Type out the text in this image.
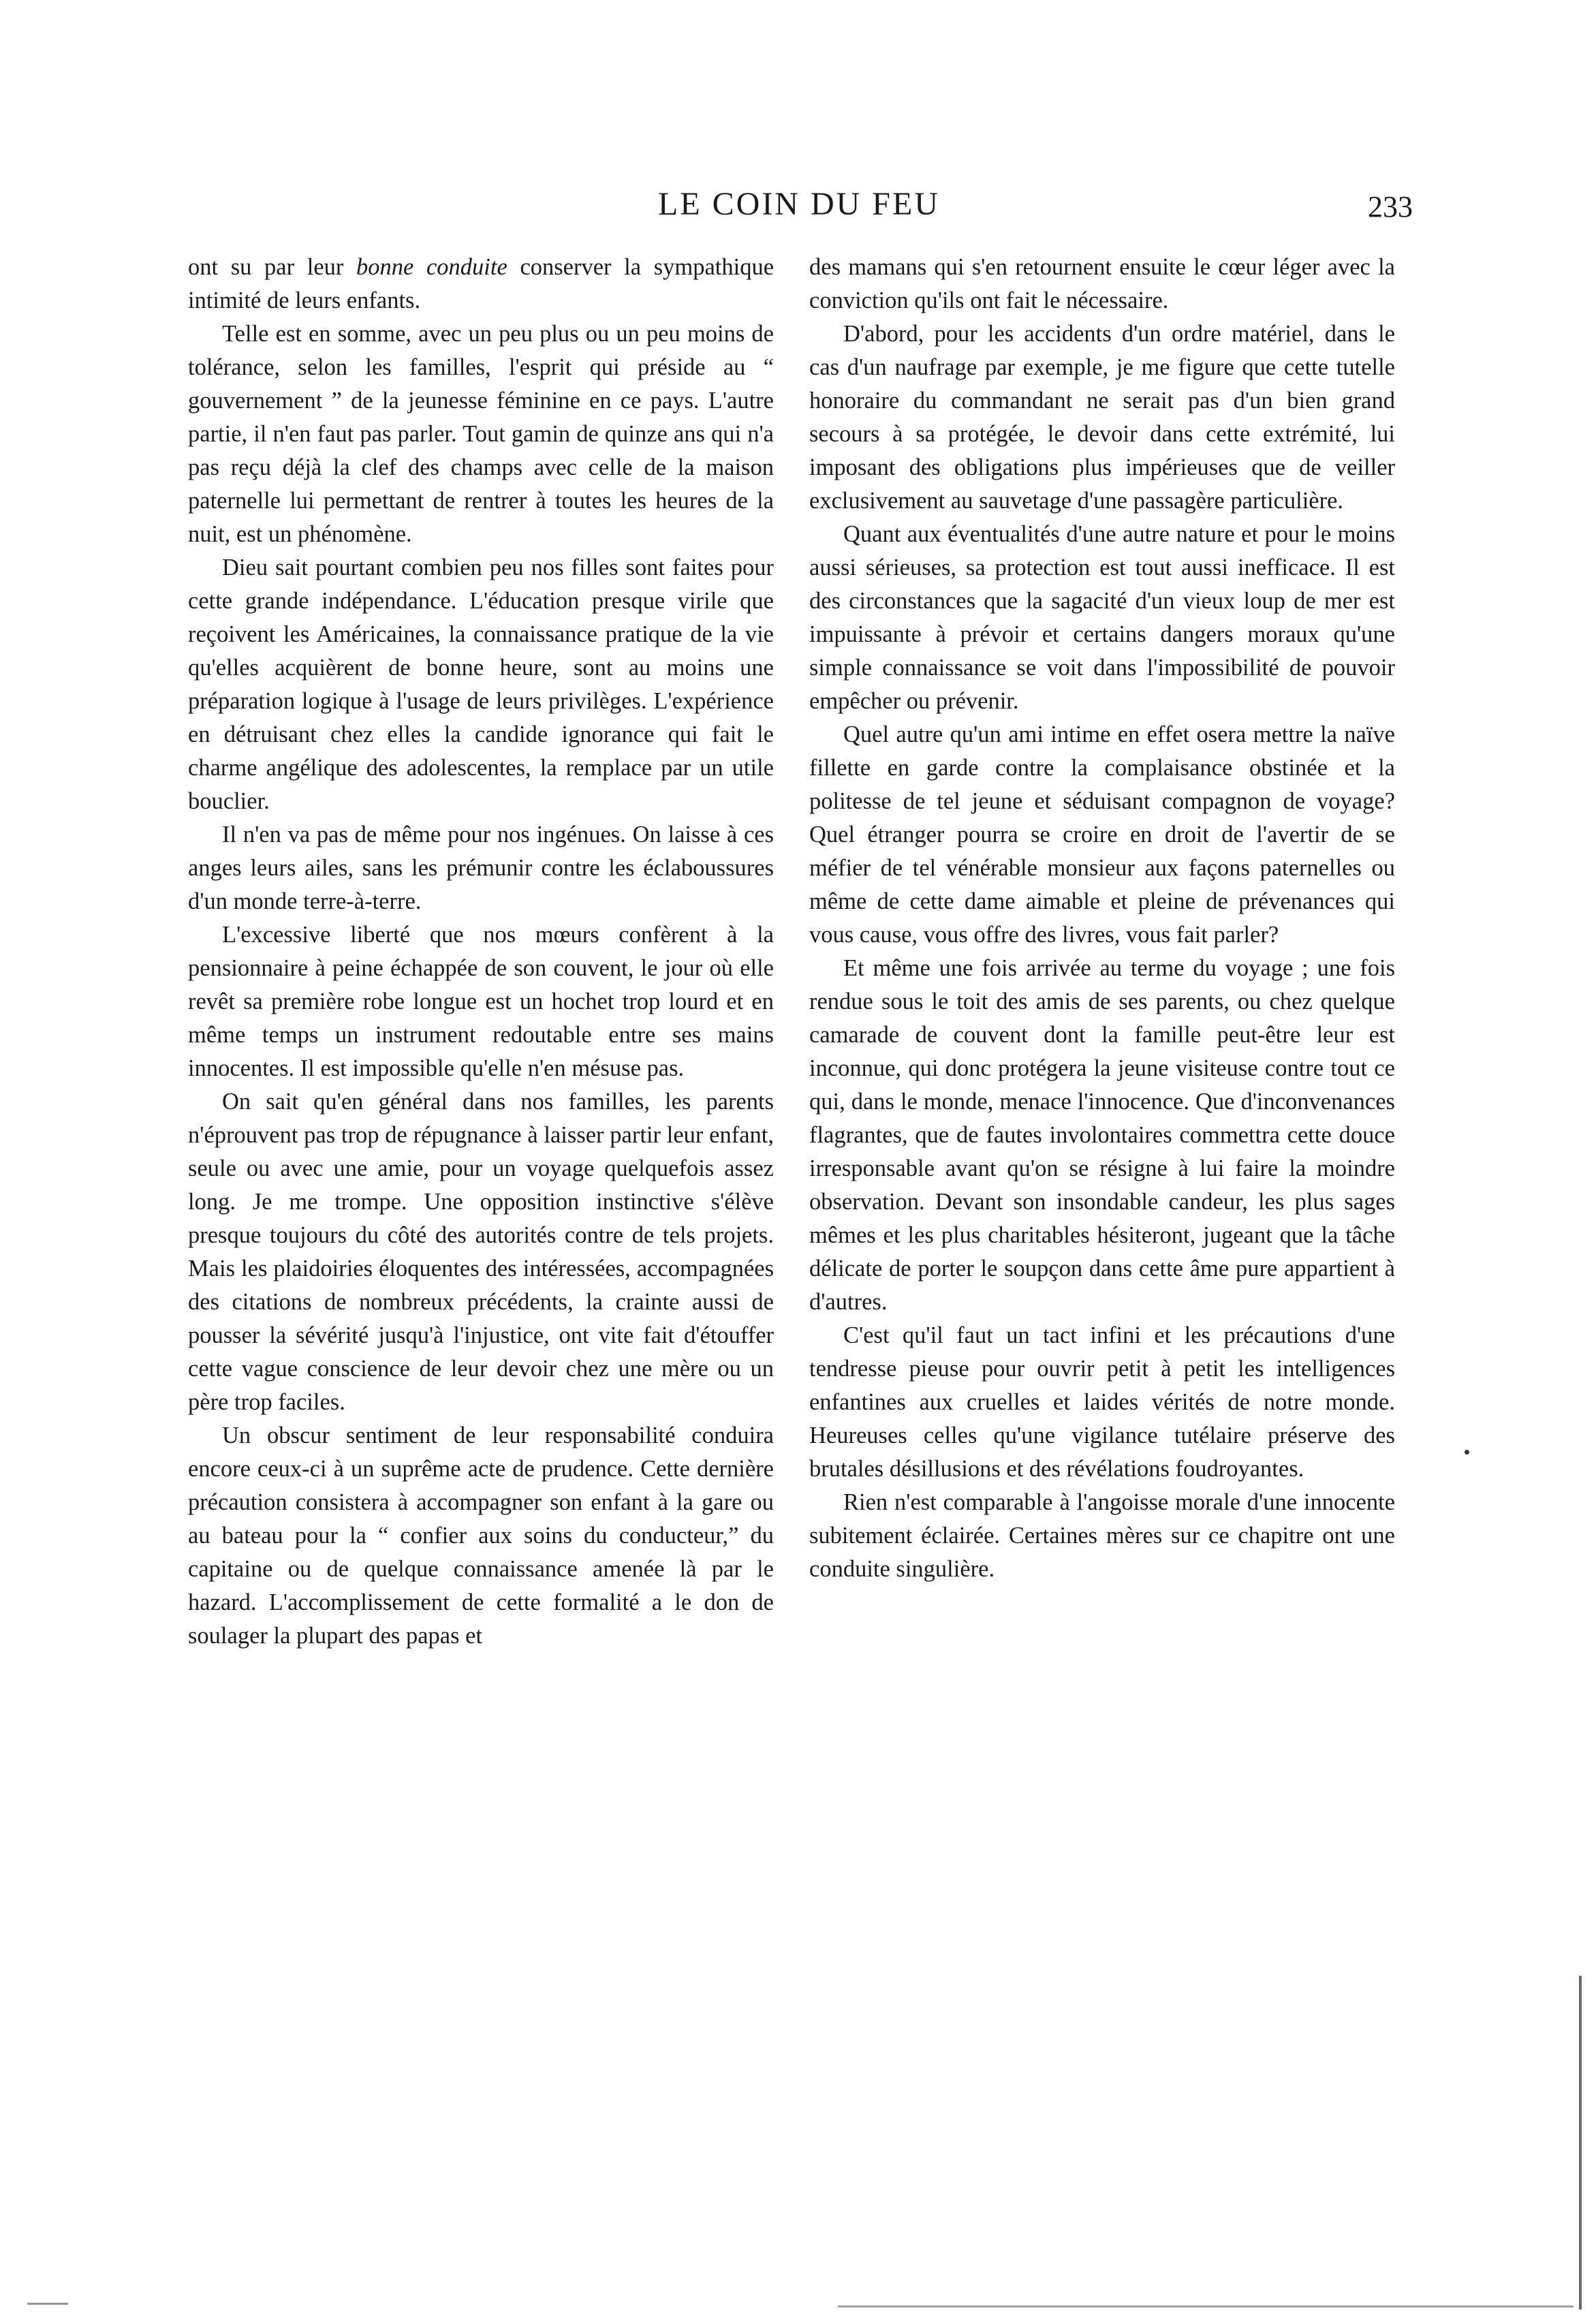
LE COIN DU FEU	233

ont su par leur bonne conduite conserver la sympathique intimité de leurs enfants.

Telle est en somme, avec un peu plus ou un peu moins de tolérance, selon les familles, l'esprit qui préside au “ gouvernement ” de la jeunesse féminine en ce pays. L'autre partie, il n'en faut pas parler. Tout gamin de quinze ans qui n'a pas reçu déjà la clef des champs avec celle de la maison paternelle lui permettant de rentrer à toutes les heures de la nuit, est un phénomène.

Dieu sait pourtant combien peu nos filles sont faites pour cette grande indépendance. L'éducation presque virile que reçoivent les Américaines, la connaissance pratique de la vie qu'elles acquièrent de bonne heure, sont au moins une préparation logique à l'usage de leurs privilèges. L'expérience en détruisant chez elles la candide ignorance qui fait le charme angélique des adolescentes, la remplace par un utile bouclier.

Il n'en va pas de même pour nos ingénues. On laisse à ces anges leurs ailes, sans les prémunir contre les éclaboussures d'un monde terre-à-terre.

L'excessive liberté que nos mœurs confèrent à la pensionnaire à peine échappée de son couvent, le jour où elle revêt sa première robe longue est un hochet trop lourd et en même temps un instrument redoutable entre ses mains innocentes. Il est impossible qu'elle n'en mésuse pas.

On sait qu'en général dans nos familles, les parents n'éprouvent pas trop de répugnance à laisser partir leur enfant, seule ou avec une amie, pour un voyage quelquefois assez long. Je me trompe. Une opposition instinctive s'élève presque toujours du côté des autorités contre de tels projets. Mais les plaidoiries éloquentes des intéressées, accompagnées des citations de nombreux précédents, la crainte aussi de pousser la sévérité jusqu'à l'injustice, ont vite fait d'étouffer cette vague conscience de leur devoir chez une mère ou un père trop faciles.

Un obscur sentiment de leur responsabilité conduira encore ceux-ci à un suprême acte de prudence. Cette dernière précaution consistera à accompagner son enfant à la gare ou au bateau pour la “ confier aux soins du conducteur,” du capitaine ou de quelque connaissance amenée là par le hazard. L'accomplissement de cette formalité a le don de soulager la plupart des papas et

des mamans qui s'en retournent ensuite le cœur léger avec la conviction qu'ils ont fait le nécessaire.

D'abord, pour les accidents d'un ordre matériel, dans le cas d'un naufrage par exemple, je me figure que cette tutelle honoraire du commandant ne serait pas d'un bien grand secours à sa protégée, le devoir dans cette extrémité, lui imposant des obligations plus impérieuses que de veiller exclusivement au sauvetage d'une passagère particulière.

Quant aux éventualités d'une autre nature et pour le moins aussi sérieuses, sa protection est tout aussi inefficace. Il est des circonstances que la sagacité d'un vieux loup de mer est impuissante à prévoir et certains dangers moraux qu'une simple connaissance se voit dans l'impossibilité de pouvoir empêcher ou prévenir.

Quel autre qu'un ami intime en effet osera mettre la naïve fillette en garde contre la complaisance obstinée et la politesse de tel jeune et séduisant compagnon de voyage? Quel étranger pourra se croire en droit de l'avertir de se méfier de tel vénérable monsieur aux façons paternelles ou même de cette dame aimable et pleine de prévenances qui vous cause, vous offre des livres, vous fait parler?

Et même une fois arrivée au terme du voyage ; une fois rendue sous le toit des amis de ses parents, ou chez quelque camarade de couvent dont la famille peut-être leur est inconnue, qui donc protégera la jeune visiteuse contre tout ce qui, dans le monde, menace l'innocence. Que d'inconvenances flagrantes, que de fautes involontaires commettra cette douce irresponsable avant qu'on se résigne à lui faire la moindre observation. Devant son insondable candeur, les plus sages mêmes et les plus charitables hésiteront, jugeant que la tâche délicate de porter le soupçon dans cette âme pure appartient à d'autres.

C'est qu'il faut un tact infini et les précautions d'une tendresse pieuse pour ouvrir petit à petit les intelligences enfantines aux cruelles et laides vérités de notre monde. Heureuses celles qu'une vigilance tutélaire préserve des brutales désillusions et des révélations foudroyantes.

Rien n'est comparable à l'angoisse morale d'une innocente subitement éclairée. Certaines mères sur ce chapitre ont une conduite singulière.
